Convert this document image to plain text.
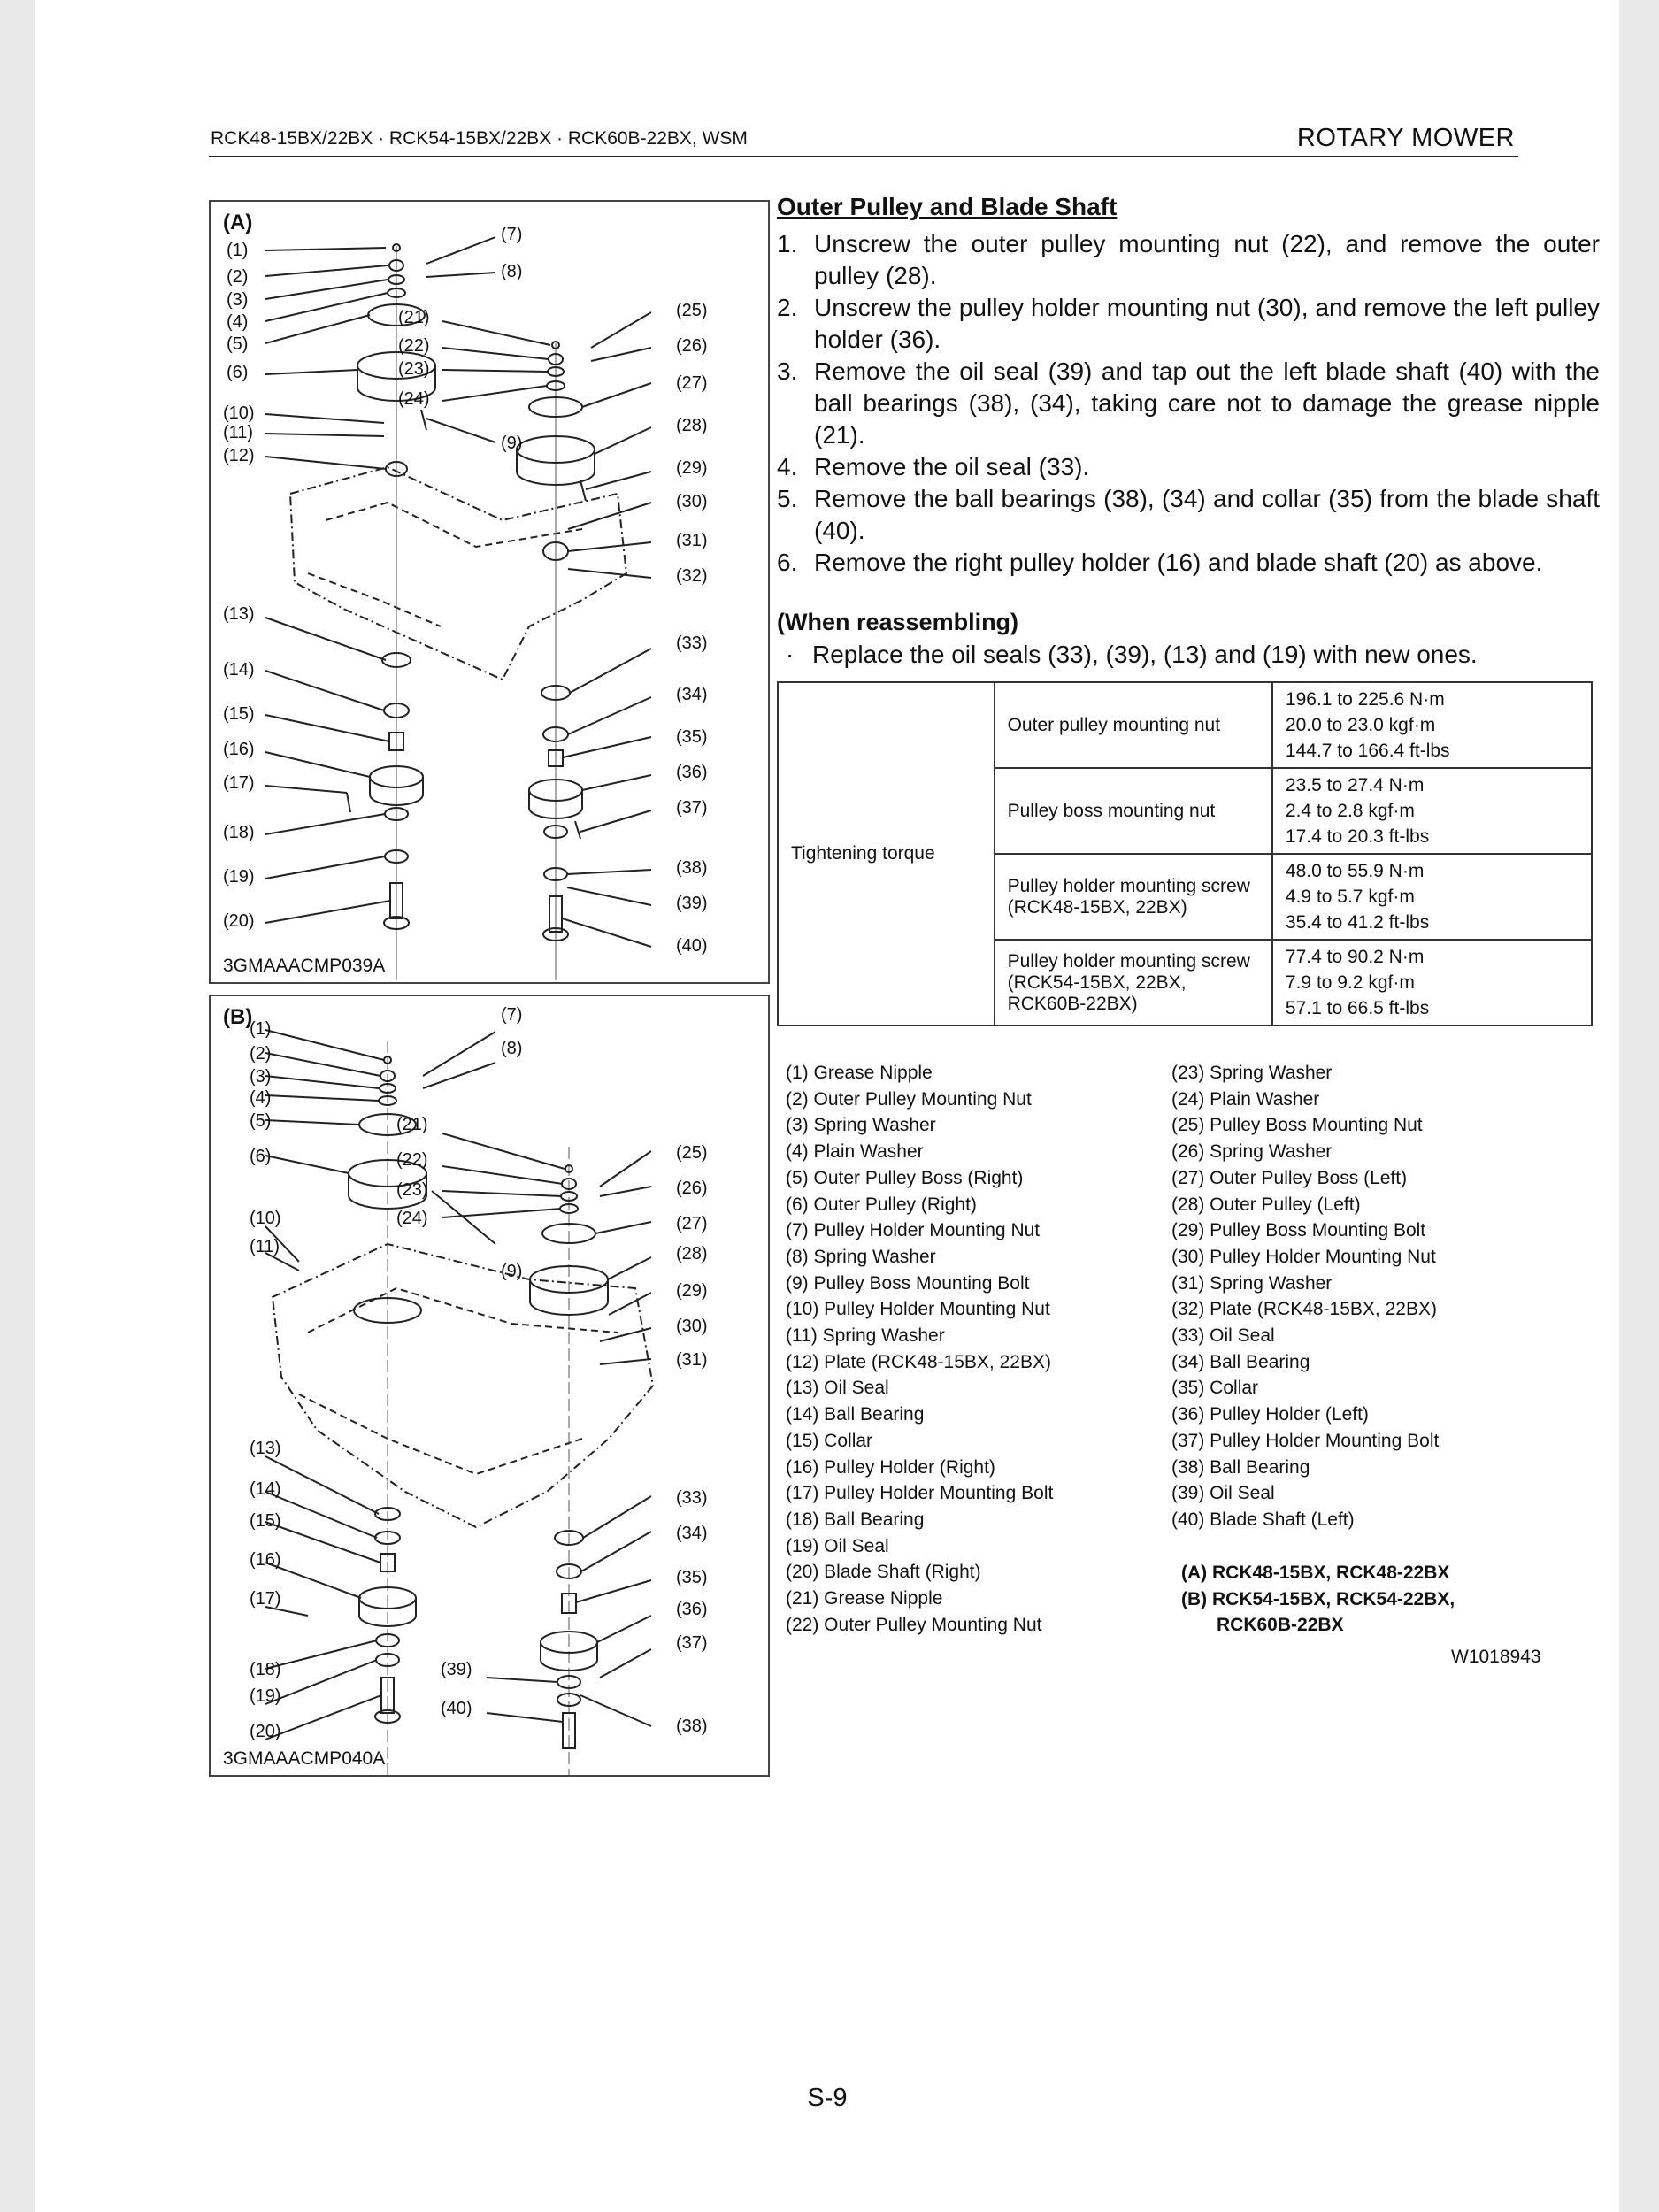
RCK48-15BX/22BX · RCK54-15BX/22BX · RCK60B-22BX, WSM	ROTARY MOWER
(A)
(1)
(2)
(3)
(4)
(5)
(6)
(7)
(8)
(9)
(10)
(11)
(12)
(13)
(14)
(15)
(16)
(17)
(18)
(19)
(20)
(21)
(22)
(23)
(24)
(25)
(26)
(27)
(28)
(29)
(30)
(31)
(32)
(33)
(34)
(35)
(36)
(37)
(38)
(39)
(40)
3GMAAACMP039A
(B)
(1)
(2)
(3)
(4)
(5)
(6)
(7)
(8)
(9)
(10)
(11)
(13)
(14)
(15)
(16)
(17)
(18)
(19)
(20)
(21)
(22)
(23)
(24)
(25)
(26)
(27)
(28)
(29)
(30)
(31)
(33)
(34)
(35)
(36)
(37)
(38)
(39)
(40)
3GMAAACMP040A
Outer Pulley and Blade Shaft
1. Unscrew the outer pulley mounting nut (22), and remove the outer pulley (28).
2. Unscrew the pulley holder mounting nut (30), and remove the left pulley holder (36).
3. Remove the oil seal (39) and tap out the left blade shaft (40) with the ball bearings (38), (34), taking care not to damage the grease nipple (21).
4. Remove the oil seal (33).
5. Remove the ball bearings (38), (34) and collar (35) from the blade shaft (40).
6. Remove the right pulley holder (16) and blade shaft (20) as above.
(When reassembling)
· Replace the oil seals (33), (39), (13) and (19) with new ones.
Tightening torque	Outer pulley mounting nut	196.1 to 225.6 N·m
20.0 to 23.0 kgf·m
144.7 to 166.4 ft-lbs

	Pulley boss mounting nut	23.5 to 27.4 N·m
2.4 to 2.8 kgf·m
17.4 to 20.3 ft-lbs

	Pulley holder mounting screw (RCK48-15BX, 22BX)	48.0 to 55.9 N·m
4.9 to 5.7 kgf·m
35.4 to 41.2 ft-lbs

	Pulley holder mounting screw (RCK54-15BX, 22BX, RCK60B-22BX)	77.4 to 90.2 N·m
7.9 to 9.2 kgf·m
57.1 to 66.5 ft-lbs
(1) Grease Nipple
(2) Outer Pulley Mounting Nut
(3) Spring Washer
(4) Plain Washer
(5) Outer Pulley Boss (Right)
(6) Outer Pulley (Right)
(7) Pulley Holder Mounting Nut
(8) Spring Washer
(9) Pulley Boss Mounting Bolt
(10) Pulley Holder Mounting Nut
(11) Spring Washer
(12) Plate (RCK48-15BX, 22BX)
(13) Oil Seal
(14) Ball Bearing
(15) Collar
(16) Pulley Holder (Right)
(17) Pulley Holder Mounting Bolt
(18) Ball Bearing
(19) Oil Seal
(20) Blade Shaft (Right)
(21) Grease Nipple
(22) Outer Pulley Mounting Nut
(23) Spring Washer
(24) Plain Washer
(25) Pulley Boss Mounting Nut
(26) Spring Washer
(27) Outer Pulley Boss (Left)
(28) Outer Pulley (Left)
(29) Pulley Boss Mounting Bolt
(30) Pulley Holder Mounting Nut
(31) Spring Washer
(32) Plate (RCK48-15BX, 22BX)
(33) Oil Seal
(34) Ball Bearing
(35) Collar
(36) Pulley Holder (Left)
(37) Pulley Holder Mounting Bolt
(38) Ball Bearing
(39) Oil Seal
(40) Blade Shaft (Left)
(A) RCK48-15BX, RCK48-22BX
(B) RCK54-15BX, RCK54-22BX,
RCK60B-22BX
W1018943
S-9
